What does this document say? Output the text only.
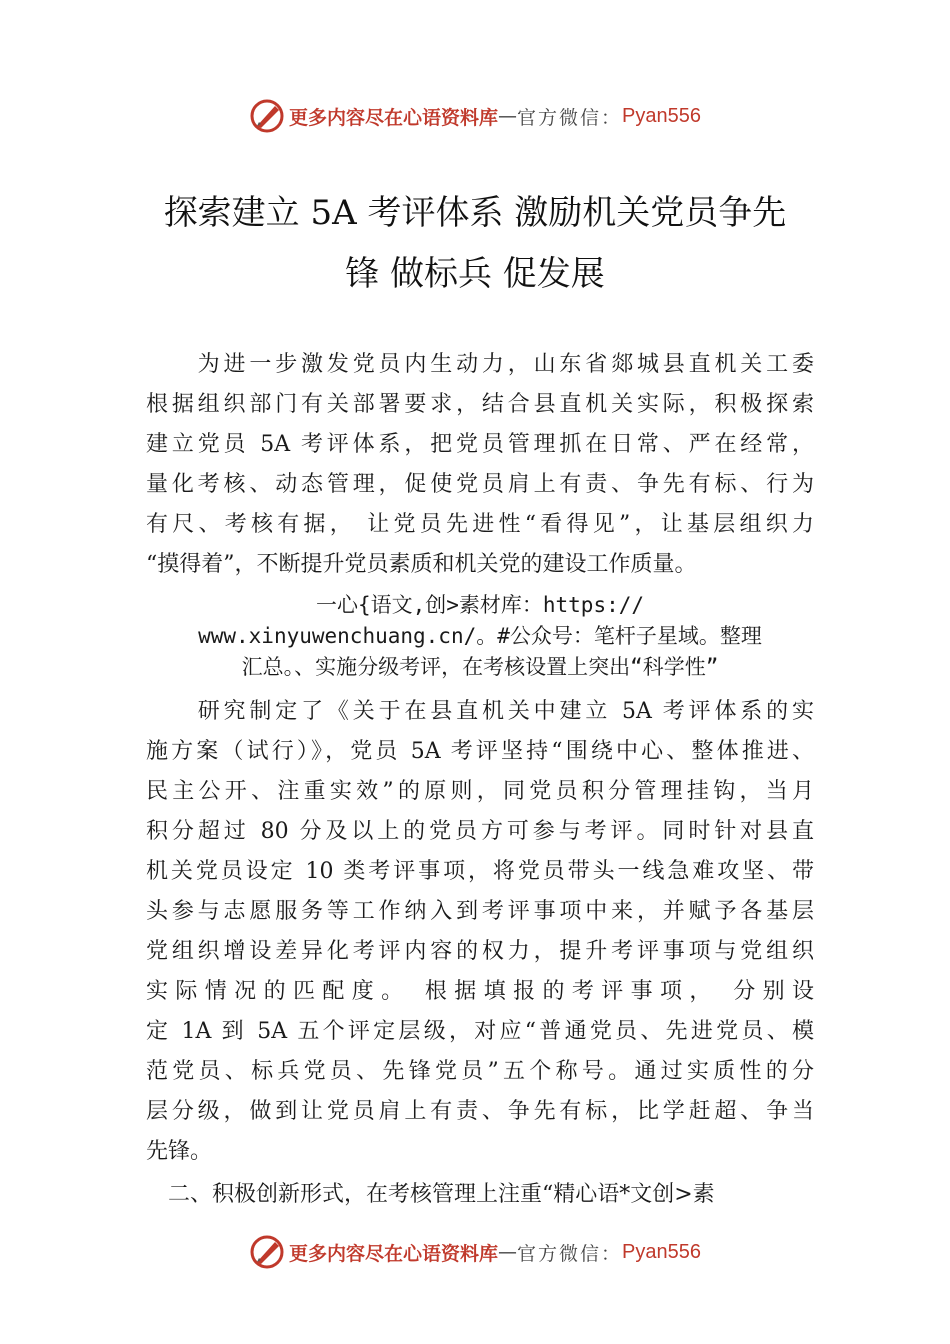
更多内容尽在心语资料库 — 官方微信： Pyan556
探索建立 5A 考评体系 激励机关党员争先
锋 做标兵 促发展
　　为进一步激发党员内生动力，山东省郯城县直机关工委
根据组织部门有关部署要求，结合县直机关实际，积极探索
建立党员 5A 考评体系，把党员管理抓在日常、严在经常，
量化考核、动态管理，促使党员肩上有责、争先有标、行为
有尺、考核有据， 让党员先进性“看得见”，让基层组织力
“摸得着”，不断提升党员素质和机关党的建设工作质量。
一心{语文,创>素材库：https://
www.xinyuwenchuang.cn/。#公众号：笔杆子星域。整理
汇总。、实施分级考评，在考核设置上突出“科学性”
　　研究制定了《关于在县直机关中建立 5A 考评体系的实
施方案（试行）》，党员 5A 考评坚持“围绕中心、整体推进、
民主公开、注重实效”的原则，同党员积分管理挂钩，当月
积分超过 80 分及以上的党员方可参与考评。同时针对县直
机关党员设定 10 类考评事项，将党员带头一线急难攻坚、带
头参与志愿服务等工作纳入到考评事项中来，并赋予各基层
党组织增设差异化考评内容的权力，提升考评事项与党组织
实际情况的匹配度。 根据填报的考评事项， 分别设
定 1A 到 5A 五个评定层级，对应“普通党员、先进党员、模
范党员、标兵党员、先锋党员”五个称号。通过实质性的分
层分级，做到让党员肩上有责、争先有标，比学赶超、争当
先锋。
　二、积极创新形式，在考核管理上注重“精心语*文创>素
更多内容尽在心语资料库 — 官方微信： Pyan556
